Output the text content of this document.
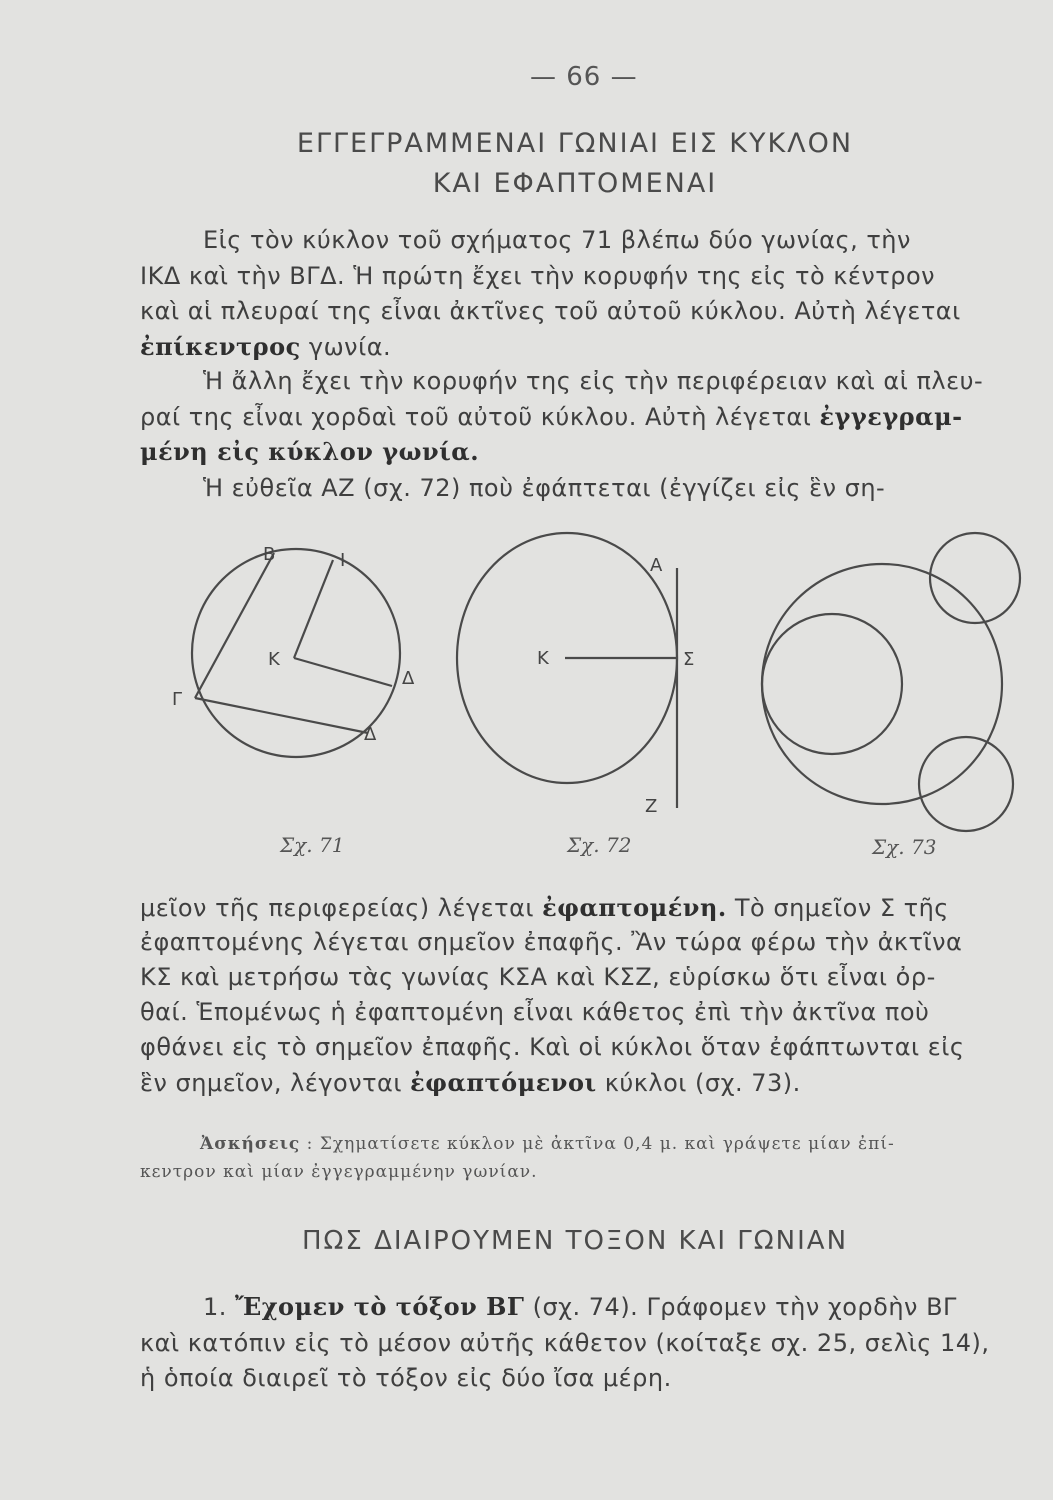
— 66 —
ΕΓΓΕΓΡΑΜΜΕΝΑΙ ΓΩΝΙΑΙ ΕΙΣ ΚΥΚΛΟΝ
ΚΑΙ ΕΦΑΠΤΟΜΕΝΑΙ
Εἰς τὸν κύκλον τοῦ σχήματος 71 βλέπω δύο γωνίας, τὴν
ΙΚΔ καὶ τὴν ΒΓΔ. Ἡ πρώτη ἔχει τὴν κορυφήν της εἰς τὸ κέντρον
καὶ αἱ πλευραί της εἶναι ἀκτῖνες τοῦ αὐτοῦ κύκλου. Αὐτὴ λέγεται
ἐπίκεντρος γωνία.
Ἡ ἄλλη ἔχει τὴν κορυφήν της εἰς τὴν περιφέρειαν καὶ αἱ πλευ-
ραί της εἶναι χορδαὶ τοῦ αὐτοῦ κύκλου. Αὐτὴ λέγεται ἐγγεγραμ-
μένη εἰς κύκλον γωνία.
Ἡ εὐθεῖα ΑΖ (σχ. 72) ποὺ ἐφάπτεται (ἐγγίζει εἰς ἓν ση-
Β	Ι
Κ
Γ
Δ
Δ
Α
Κ	Σ
Ζ
Σχ. 71	Σχ. 72	Σχ. 73
μεῖον τῆς περιφερείας) λέγεται ἐφαπτομένη. Τὸ σημεῖον Σ τῆς
ἐφαπτομένης λέγεται σημεῖον ἐπαφῆς. Ἂν τώρα φέρω τὴν ἀκτῖνα
ΚΣ καὶ μετρήσω τὰς γωνίας ΚΣΑ καὶ ΚΣΖ, εὑρίσκω ὅτι εἶναι ὀρ-
θαί. Ἑπομένως ἡ ἐφαπτομένη εἶναι κάθετος ἐπὶ τὴν ἀκτῖνα ποὺ
φθάνει εἰς τὸ σημεῖον ἐπαφῆς. Καὶ οἱ κύκλοι ὅταν ἐφάπτωνται εἰς
ἓν σημεῖον, λέγονται ἐφαπτόμενοι κύκλοι (σχ. 73).
Ἀσκήσεις : Σχηματίσετε κύκλον μὲ ἀκτῖνα 0,4 μ. καὶ γράψετε μίαν ἐπί-
κεντρον καὶ μίαν ἐγγεγραμμένην γωνίαν.
ΠΩΣ ΔΙΑΙΡΟΥΜΕΝ ΤΟΞΟΝ ΚΑΙ ΓΩΝΙΑΝ
1. Ἔχομεν τὸ τόξον ΒΓ (σχ. 74). Γράφομεν τὴν χορδὴν ΒΓ
καὶ κατόπιν εἰς τὸ μέσον αὐτῆς κάθετον (κοίταξε σχ. 25, σελὶς 14),
ἡ ὁποία διαιρεῖ τὸ τόξον εἰς δύο ἴσα μέρη.
